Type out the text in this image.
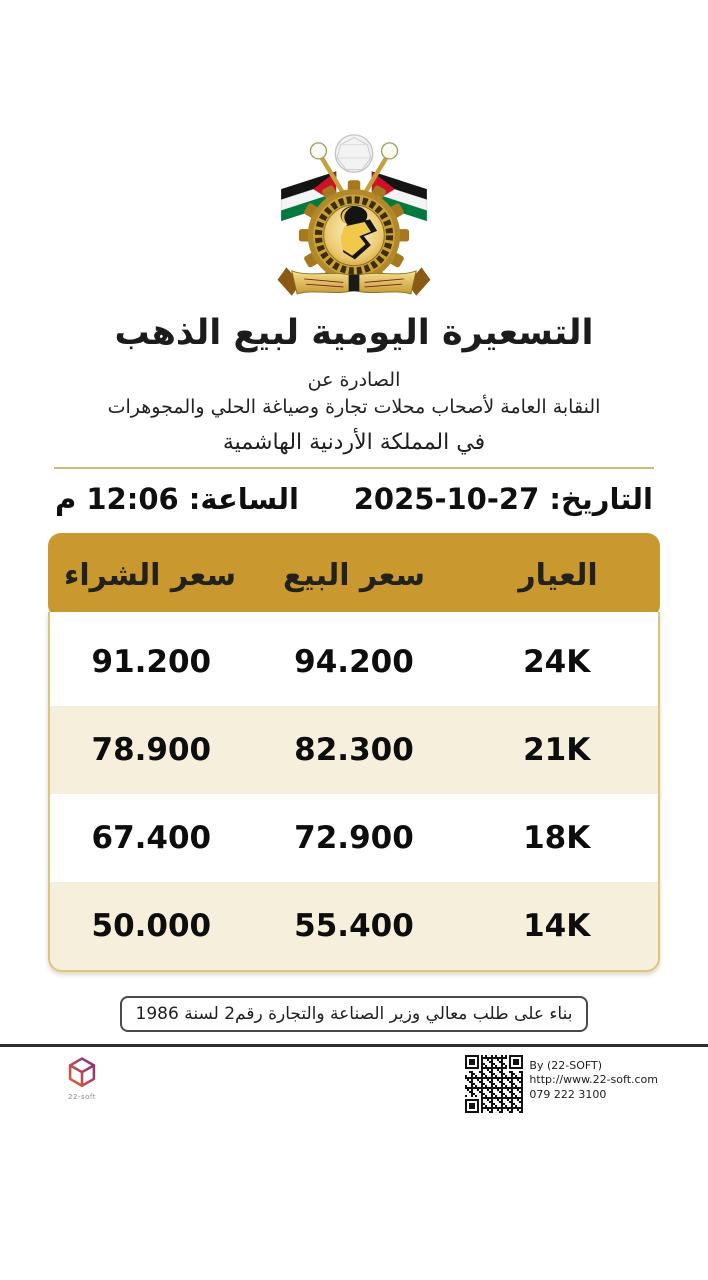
التسعيرة اليومية لبيع الذهب
الصادرة عن
النقابة العامة لأصحاب محلات تجارة وصياغة الحلي والمجوهرات
في المملكة الأردنية الهاشمية
التاريخ: 27-10-2025
الساعة: 12:06 م
العيار
سعر البيع
سعر الشراء
24K
94.200
91.200
21K
82.300
78.900
18K
72.900
67.400
14K
55.400
50.000
بناء على طلب معالي وزير الصناعة والتجارة رقم2 لسنة 1986
22-soft
By (22-SOFT)
http://www.22-soft.com
079 222 3100
